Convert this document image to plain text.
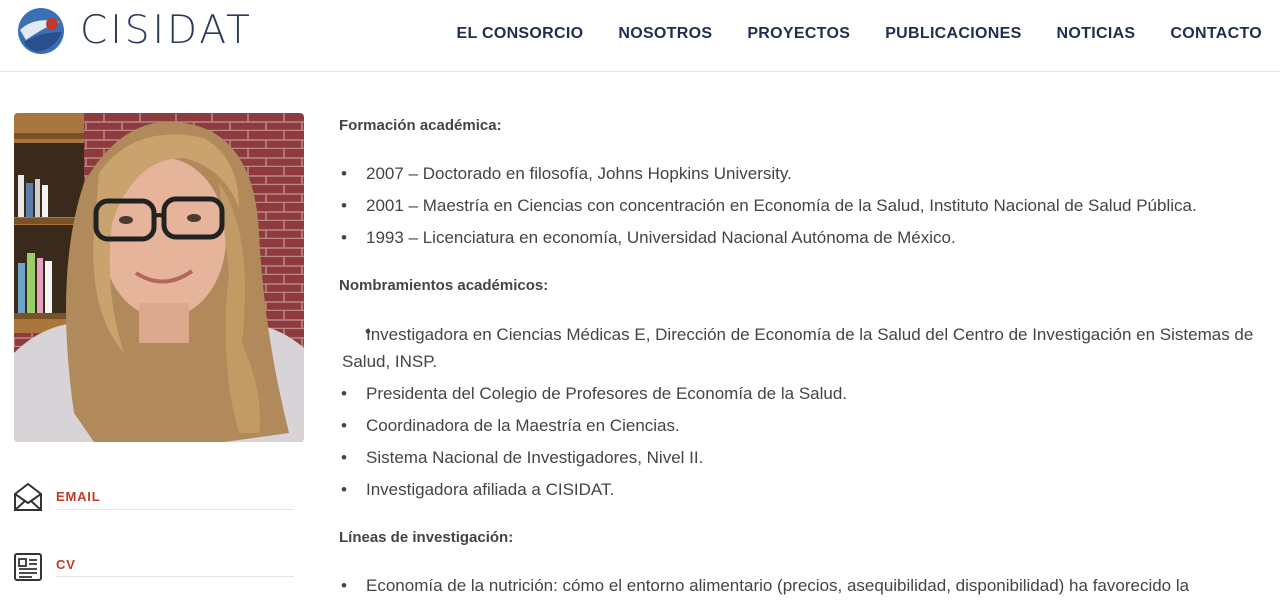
CISIDAT	EL CONSORCIO NOSOTROS PROYECTOS PUBLICACIONES NOTICIAS CONTACTO
EMAIL
CV
Formación académica:
• 2007 – Doctorado en filosofía, Johns Hopkins University.
• 2001 – Maestría en Ciencias con concentración en Economía de la Salud, Instituto Nacional de Salud Pública.
• 1993 – Licenciatura en economía, Universidad Nacional Autónoma de México.
Nombramientos académicos:
• Investigadora en Ciencias Médicas E, Dirección de Economía de la Salud del Centro de Investigación en Sistemas de Salud, INSP.
• Presidenta del Colegio de Profesores de Economía de la Salud.
• Coordinadora de la Maestría en Ciencias.
• Sistema Nacional de Investigadores, Nivel II.
• Investigadora afiliada a CISIDAT.
Líneas de investigación:
• Economía de la nutrición: cómo el entorno alimentario (precios, asequibilidad, disponibilidad) ha favorecido la
